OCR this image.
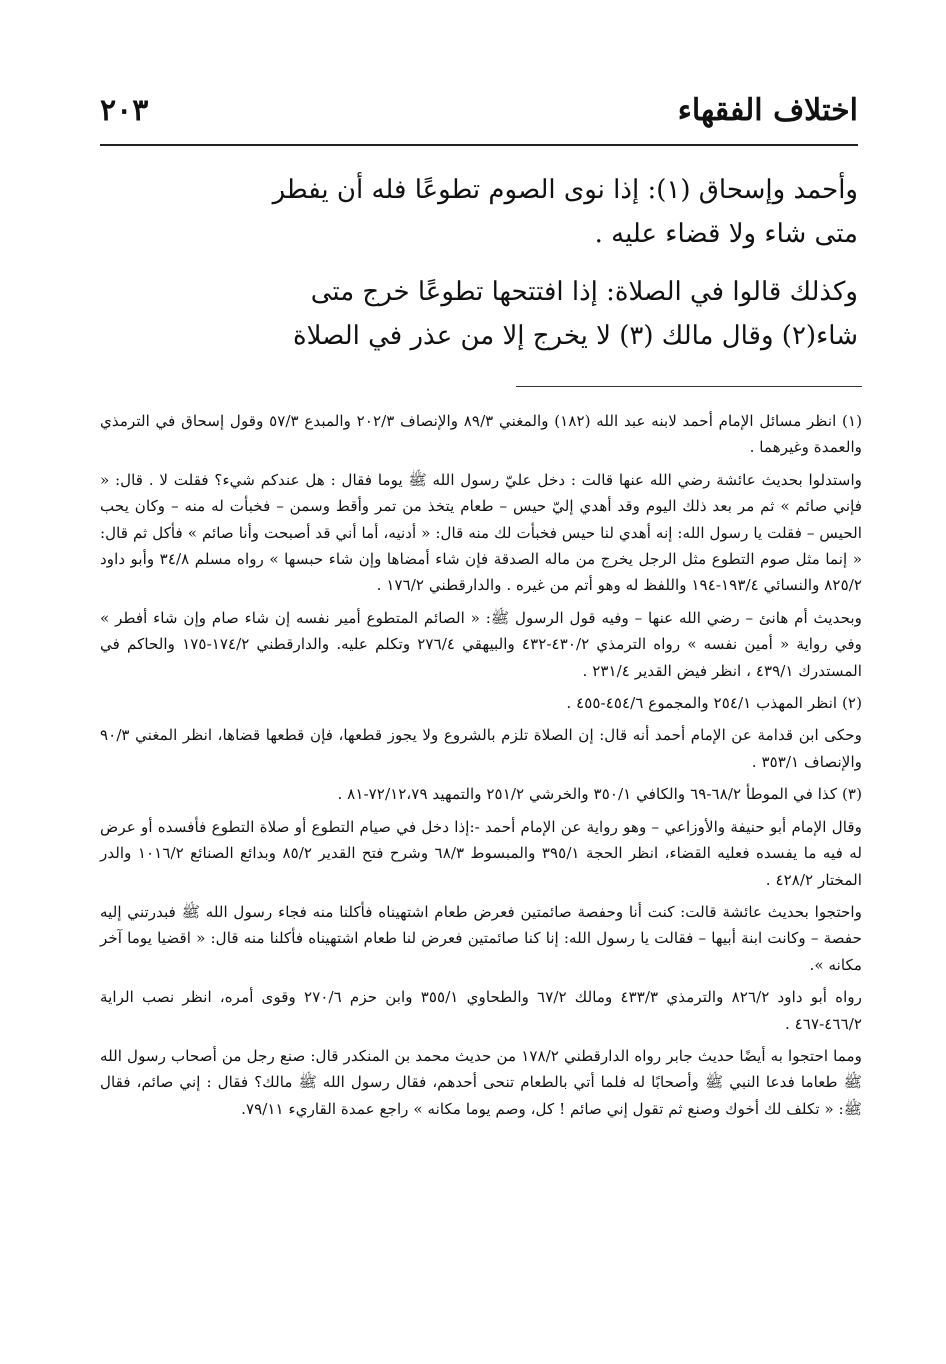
اختلاف الفقهاء
٢٠٣

وأحمد وإسحاق (١): إذا نوى الصوم تطوعًا فله أن يفطر
متى شاء ولا قضاء عليه .

وكذلك قالوا في الصلاة: إذا افتتحها تطوعًا خرج متى
شاء(٢) وقال مالك (٣) لا يخرج إلا من عذر في الصلاة

(١) انظر مسائل الإمام أحمد لابنه عبد الله (١٨٢) والمغني ٨٩/٣ والإنصاف ٢٠٢/٣ والمبدع ٥٧/٣ وقول إسحاق في الترمذي والعمدة وغيرهما .

واستدلوا بحديث عائشة رضي الله عنها قالت : دخل عليّ رسول الله ﷺ يوما فقال : هل عندكم شيء؟ فقلت لا . قال: « فإني صائم » ثم مر بعد ذلك اليوم وقد أهدي إليّ حيس – طعام يتخذ من تمر وأقط وسمن – فخبأت له منه – وكان يحب الحيس – فقلت يا رسول الله: إنه أهدي لنا حيس فخبأت لك منه قال: « أدنيه، أما أني قد أصبحت وأنا صائم » فأكل ثم قال: « إنما مثل صوم التطوع مثل الرجل يخرج من ماله الصدقة فإن شاء أمضاها وإن شاء حبسها » رواه مسلم ٣٤/٨ وأبو داود ٨٢٥/٢ والنسائي ١٩٣/٤-١٩٤ واللفظ له وهو أتم من غيره . والدارقطني ١٧٦/٢ .

وبحديث أم هانئ – رضي الله عنها – وفيه قول الرسول ﷺ: « الصائم المتطوع أمير نفسه إن شاء صام وإن شاء أفطر » وفي رواية « أمين نفسه » رواه الترمذي ٤٣٠/٢-٤٣٢ والبيهقي ٢٧٦/٤ وتكلم عليه. والدارقطني ١٧٤/٢-١٧٥ والحاكم في المستدرك ٤٣٩/١ ، انظر فيض القدير ٢٣١/٤ .

(٢) انظر المهذب ٢٥٤/١ والمجموع ٤٥٤/٦-٤٥٥ .

وحكى ابن قدامة عن الإمام أحمد أنه قال: إن الصلاة تلزم بالشروع ولا يجوز قطعها، فإن قطعها قضاها، انظر المغني ٩٠/٣ والإنصاف ٣٥٣/١ .

(٣) كذا في الموطأ ٦٨/٢-٦٩ والكافي ٣٥٠/١ والخرشي ٢٥١/٢ والتمهيد ٧٢/١٢،٧٩-٨١ .

وقال الإمام أبو حنيفة والأوزاعي – وهو رواية عن الإمام أحمد -:إذا دخل في صيام التطوع أو صلاة التطوع فأفسده أو عرض له فيه ما يفسده فعليه القضاء، انظر الحجة ٣٩٥/١ والمبسوط ٦٨/٣ وشرح فتح القدير ٨٥/٢ وبدائع الصنائع ١٠١٦/٢ والدر المختار ٤٢٨/٢ .

واحتجوا بحديث عائشة قالت: كنت أنا وحفصة صائمتين فعرض طعام اشتهيناه فأكلنا منه فجاء رسول الله ﷺ فبدرتني إليه حفصة – وكانت ابنة أبيها – فقالت يا رسول الله: إنا كنا صائمتين فعرض لنا طعام اشتهيناه فأكلنا منه قال: « اقضيا يوما آخر مكانه ».

رواه أبو داود ٨٢٦/٢ والترمذي ٤٣٣/٣ ومالك ٦٧/٢ والطحاوي ٣٥٥/١ وابن حزم ٢٧٠/٦ وقوى أمره، انظر نصب الراية ٤٦٦/٢-٤٦٧ .

ومما احتجوا به أيضًا حديث جابر رواه الدارقطني ١٧٨/٢ من حديث محمد بن المنكدر قال: صنع رجل من أصحاب رسول الله ﷺ طعاما فدعا النبي ﷺ وأصحابًا له فلما أتي بالطعام تنحى أحدهم، فقال رسول الله ﷺ مالك؟ فقال : إني صائم، فقال ﷺ: « تكلف لك أخوك وصنع ثم تقول إني صائم ! كل، وصم يوما مكانه » راجع عمدة القاريء ٧٩/١١.
